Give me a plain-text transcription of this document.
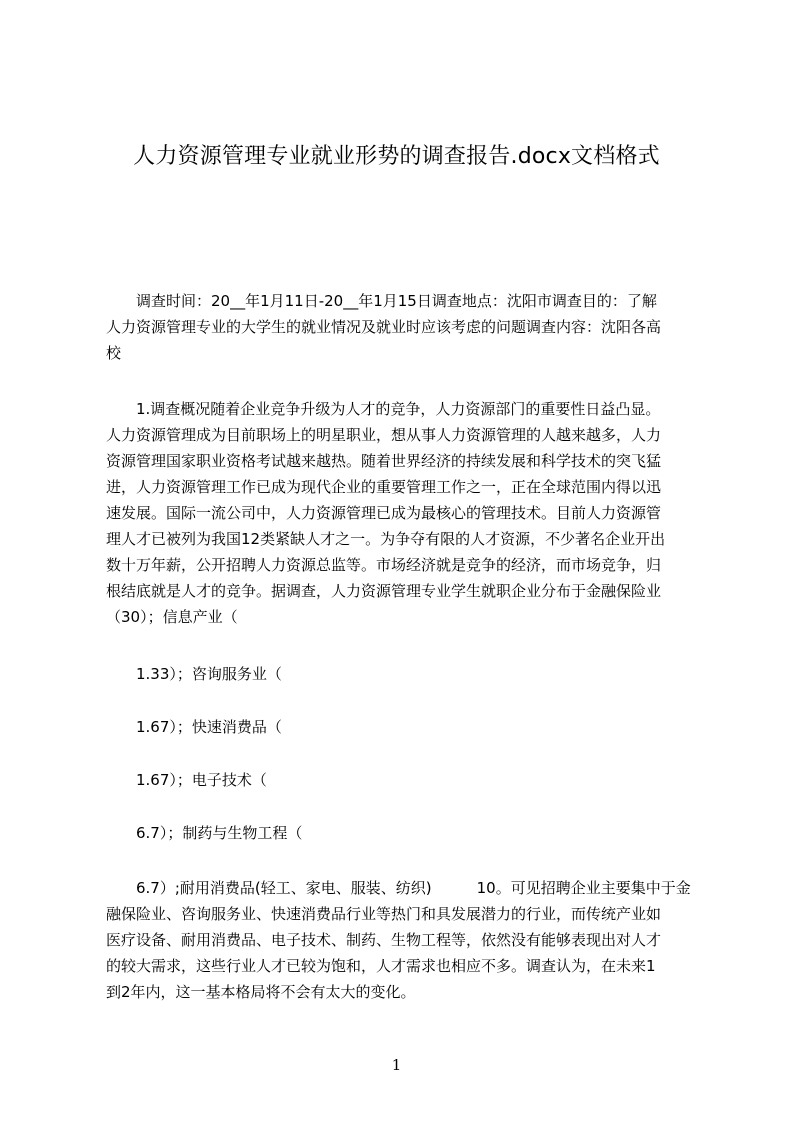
人力资源管理专业就业形势的调查报告.docx文档格式
调查时间：20__年1月11日-20__年1月15日调查地点：沈阳市调查目的：了解
人力资源管理专业的大学生的就业情况及就业时应该考虑的问题调查内容：沈阳各高
校
1.调查概况随着企业竞争升级为人才的竞争，人力资源部门的重要性日益凸显。
人力资源管理成为目前职场上的明星职业，想从事人力资源管理的人越来越多，人力
资源管理国家职业资格考试越来越热。随着世界经济的持续发展和科学技术的突飞猛
进，人力资源管理工作已成为现代企业的重要管理工作之一，正在全球范围内得以迅
速发展。国际一流公司中，人力资源管理已成为最核心的管理技术。目前人力资源管
理人才已被列为我国12类紧缺人才之一。为争夺有限的人才资源，不少著名企业开出
数十万年薪，公开招聘人力资源总监等。市场经济就是竞争的经济，而市场竞争，归
根结底就是人才的竞争。据调查，人力资源管理专业学生就职企业分布于金融保险业
（30）；信息产业（
1.33）；咨询服务业（
1.67）；快速消费品（
1.67）；电子技术（
6.7）；制药与生物工程（
6.7）;耐用消费品(轻工、家电、服装、纺织)　　　10。可见招聘企业主要集中于金
融保险业、咨询服务业、快速消费品行业等热门和具发展潜力的行业，而传统产业如
医疗设备、耐用消费品、电子技术、制药、生物工程等，依然没有能够表现出对人才
的较大需求，这些行业人才已较为饱和，人才需求也相应不多。调查认为，在未来1
到2年内，这一基本格局将不会有太大的变化。
1
